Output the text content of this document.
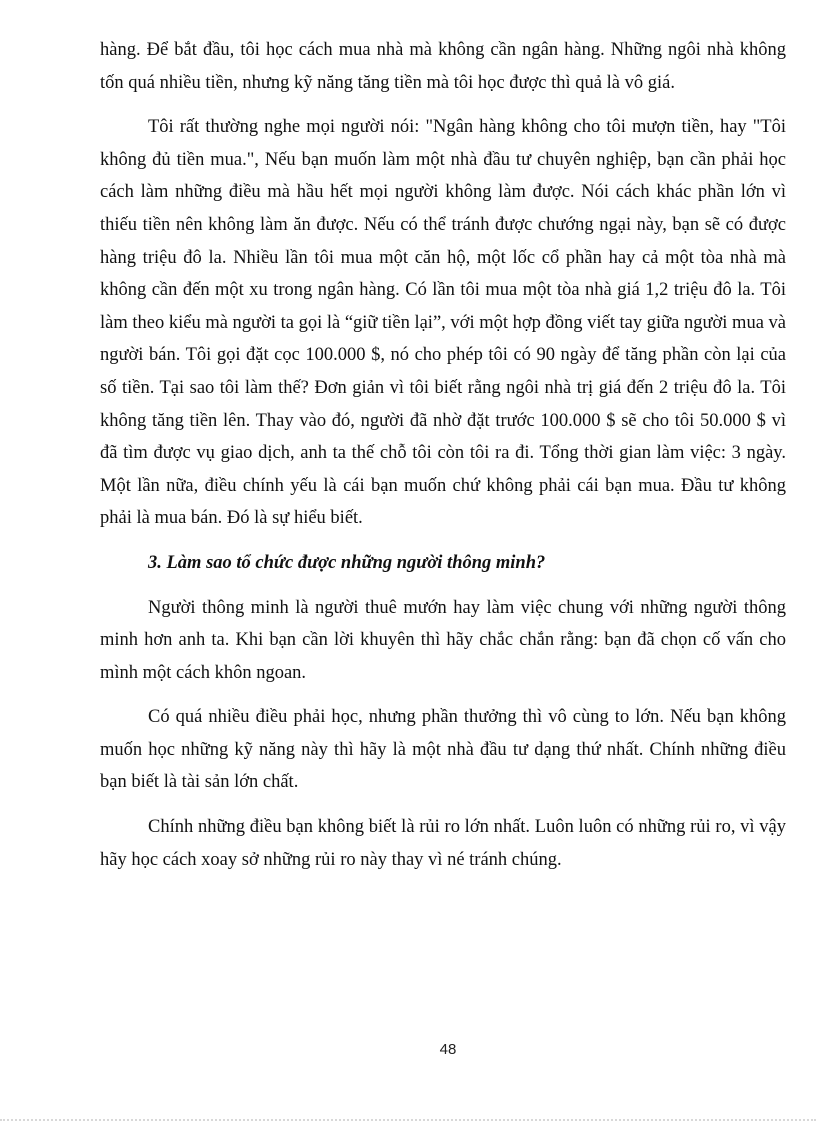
hàng. Để bắt đầu, tôi học cách mua nhà mà không cần ngân hàng. Những ngôi nhà không tốn quá nhiều tiền, nhưng kỹ năng tăng tiền mà tôi học được thì quả là vô giá.

Tôi rất thường nghe mọi người nói: "Ngân hàng không cho tôi mượn tiền, hay "Tôi không đủ tiền mua.", Nếu bạn muốn làm một nhà đầu tư chuyên nghiệp, bạn cần phải học cách làm những điều mà hầu hết mọi người không làm được. Nói cách khác phần lớn vì thiếu tiền nên không làm ăn được. Nếu có thể tránh được chướng ngại này, bạn sẽ có được hàng triệu đô la. Nhiều lần tôi mua một căn hộ, một lốc cổ phần hay cả một tòa nhà mà không cần đến một xu trong ngân hàng. Có lần tôi mua một tòa nhà giá 1,2 triệu đô la. Tôi làm theo kiểu mà người ta gọi là “giữ tiền lại”, với một hợp đồng viết tay giữa người mua và người bán. Tôi gọi đặt cọc 100.000 $, nó cho phép tôi có 90 ngày để tăng phần còn lại của số tiền. Tại sao tôi làm thế? Đơn giản vì tôi biết rằng ngôi nhà trị giá đến 2 triệu đô la. Tôi không tăng tiền lên. Thay vào đó, người đã nhờ đặt trước 100.000 $ sẽ cho tôi 50.000 $ vì đã tìm được vụ giao dịch, anh ta thế chỗ tôi còn tôi ra đi. Tổng thời gian làm việc: 3 ngày. Một lần nữa, điều chính yếu là cái bạn muốn chứ không phải cái bạn mua. Đầu tư không phải là mua bán. Đó là sự hiểu biết.

3. Làm sao tổ chức được những người thông minh?

Người thông minh là người thuê mướn hay làm việc chung với những người thông minh hơn anh ta. Khi bạn cần lời khuyên thì hãy chắc chắn rằng: bạn đã chọn cố vấn cho mình một cách khôn ngoan.

Có quá nhiều điều phải học, nhưng phần thưởng thì vô cùng to lớn. Nếu bạn không muốn học những kỹ năng này thì hãy là một nhà đầu tư dạng thứ nhất. Chính những điều bạn biết là tài sản lớn chất.

Chính những điều bạn không biết là rủi ro lớn nhất. Luôn luôn có những rủi ro, vì vậy hãy học cách xoay sở những rủi ro này thay vì né tránh chúng.

48
